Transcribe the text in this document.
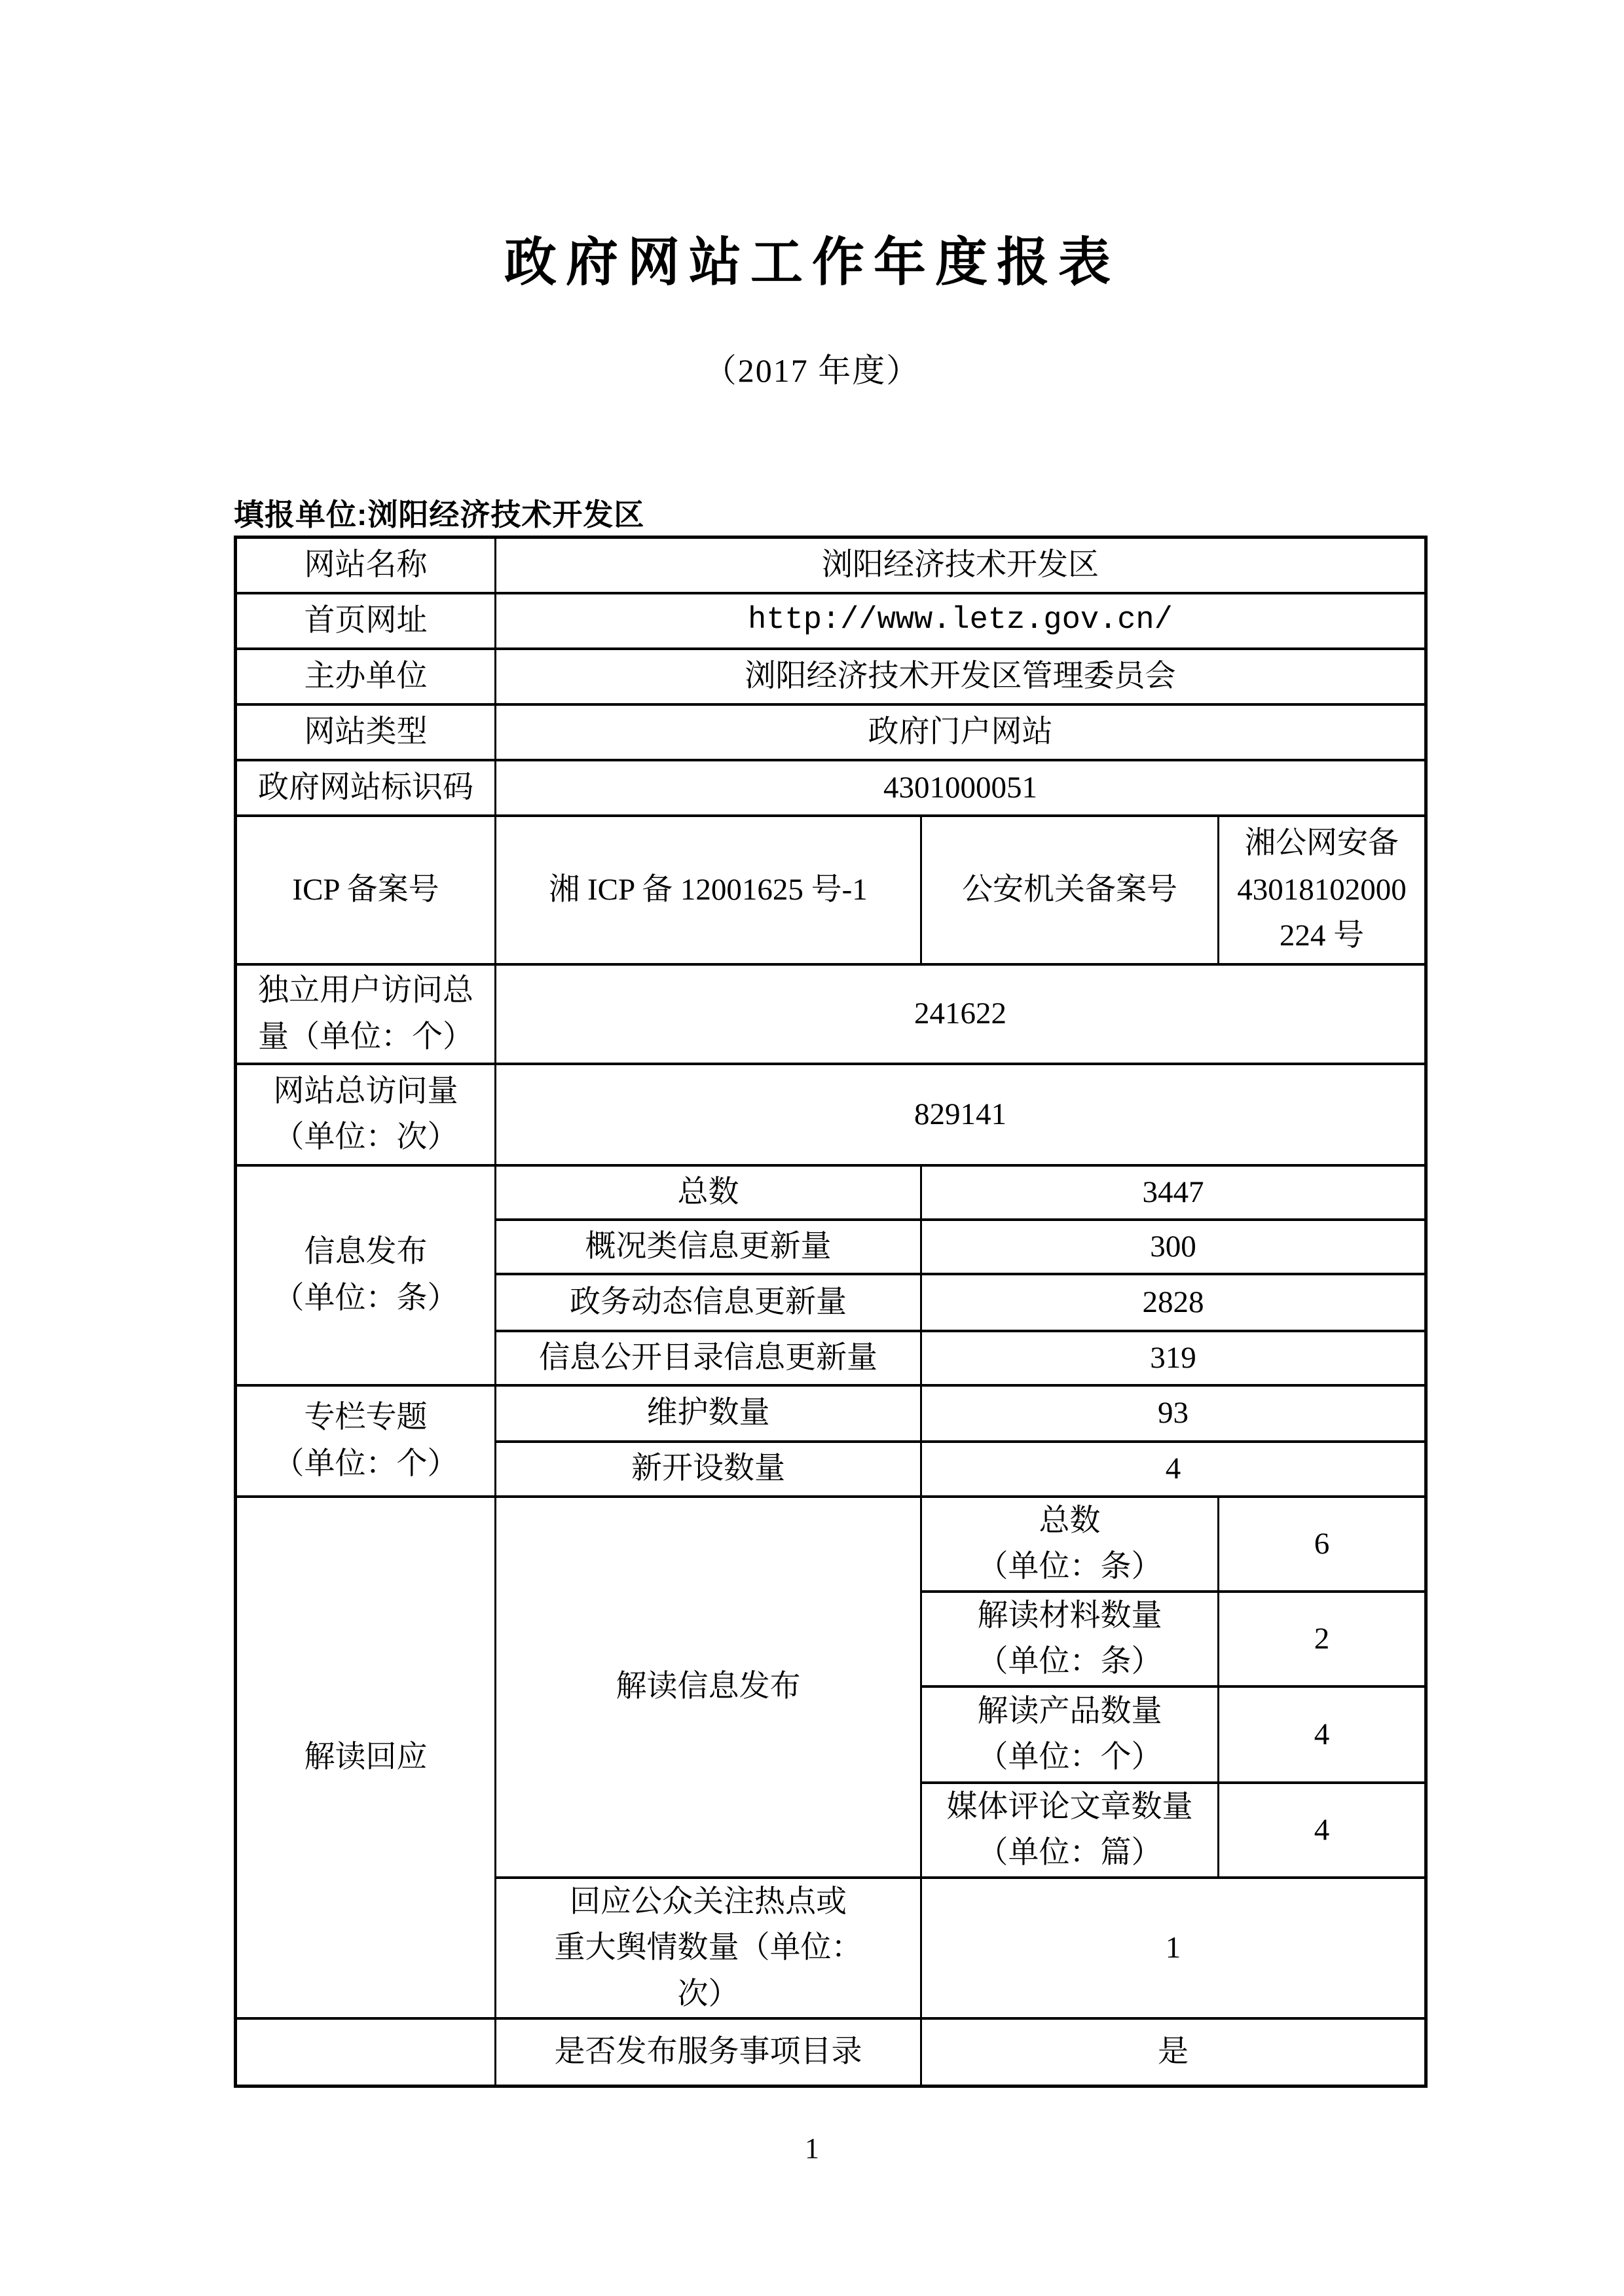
政府网站工作年度报表
（2017 年度）
填报单位:浏阳经济技术开发区
网站名称	浏阳经济技术开发区		
首页网址	http://www.letz.gov.cn/		
主办单位	浏阳经济技术开发区管理委员会		
网站类型	政府门户网站		
政府网站标识码	4301000051		
ICP 备案号	湘 ICP 备 12001625 号-1	公安机关备案号	湘公网安备
43018102000
224 号

独立用户访问总
量（单位：个）	241622		

网站总访问量
（单位：次）	829141		

信息发布
（单位：条）	总数	3447	
	概况类信息更新量	300	
	政务动态信息更新量	2828	
	信息公开目录信息更新量	319	

专栏专题
（单位：个）	维护数量	93	
	新开设数量	4	
解读回应	解读信息发布	总数
（单位：条）	6

		解读材料数量
（单位：条）	2

		解读产品数量
（单位：个）	4

		媒体评论文章数量
（单位：篇）	4

	回应公众关注热点或
重大舆情数量（单位：
次）	1	
	是否发布服务事项目录	是	
1
